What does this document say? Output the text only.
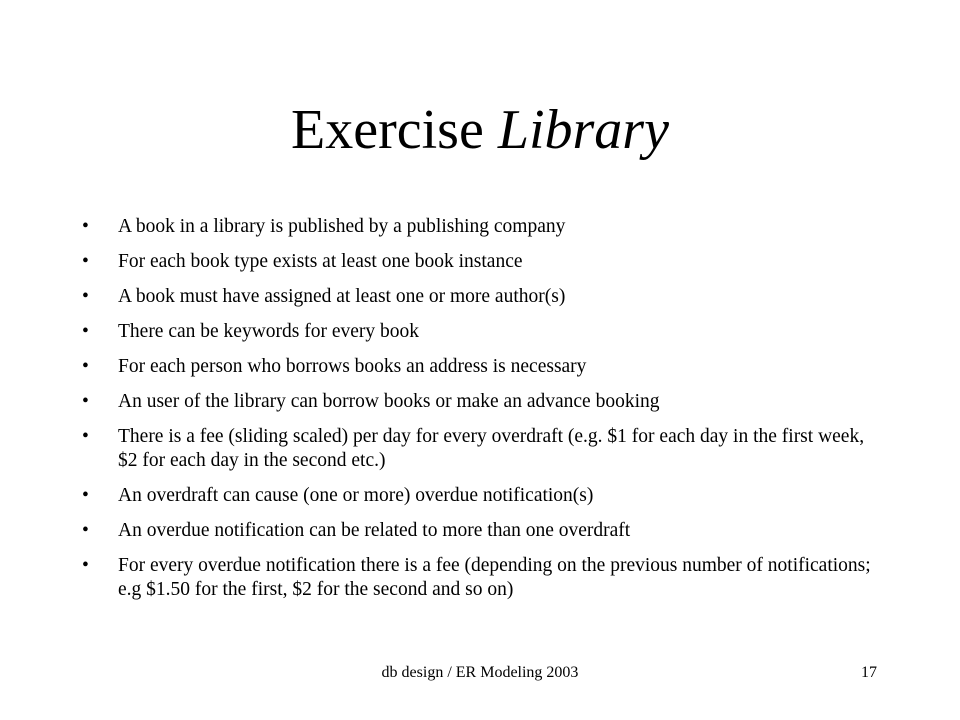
Exercise Library
•	A book in a library is published by a publishing company
•	For each book type exists at least one book instance
•	A book must have assigned at least one or more author(s)
•	There can be keywords for every book
•	For each person who borrows books an address is necessary
•	An user of the library can borrow books or make an advance booking
•	There is a fee (sliding scaled) per day for every overdraft (e.g. $1 for each day in the first week, $2 for each day in the second etc.)
•	An overdraft can cause (one or more) overdue notification(s)
•	An overdue notification can be related to more than one overdraft
•	For every overdue notification there is a fee (depending on the previous number of notifications; e.g $1.50 for the first, $2 for the second and so on)
db design / ER Modeling 2003	17
